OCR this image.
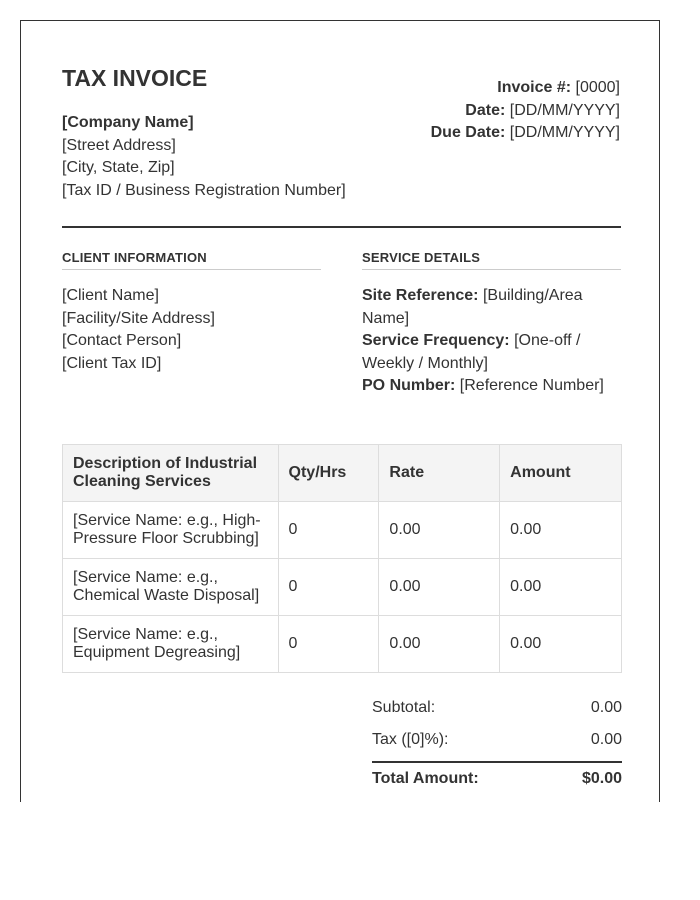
TAX INVOICE
[Company Name]
[Street Address]
[City, State, Zip]
[Tax ID / Business Registration Number]
Invoice #: [0000]
Date: [DD/MM/YYYY]
Due Date: [DD/MM/YYYY]
CLIENT INFORMATION	SERVICE DETAILS
[Client Name]
[Facility/Site Address]
[Contact Person]
[Client Tax ID]
Site Reference: [Building/Area Name]
Service Frequency: [One-off / Weekly / Monthly]
PO Number: [Reference Number]
Description of Industrial Cleaning Services	Qty/Hrs	Rate	Amount
[Service Name: e.g., High-Pressure Floor Scrubbing]	0	0.00	0.00
[Service Name: e.g., Chemical Waste Disposal]	0	0.00	0.00
[Service Name: e.g., Equipment Degreasing]	0	0.00	0.00
Subtotal:	0.00
Tax ([0]%):	0.00
Total Amount:	$0.00
